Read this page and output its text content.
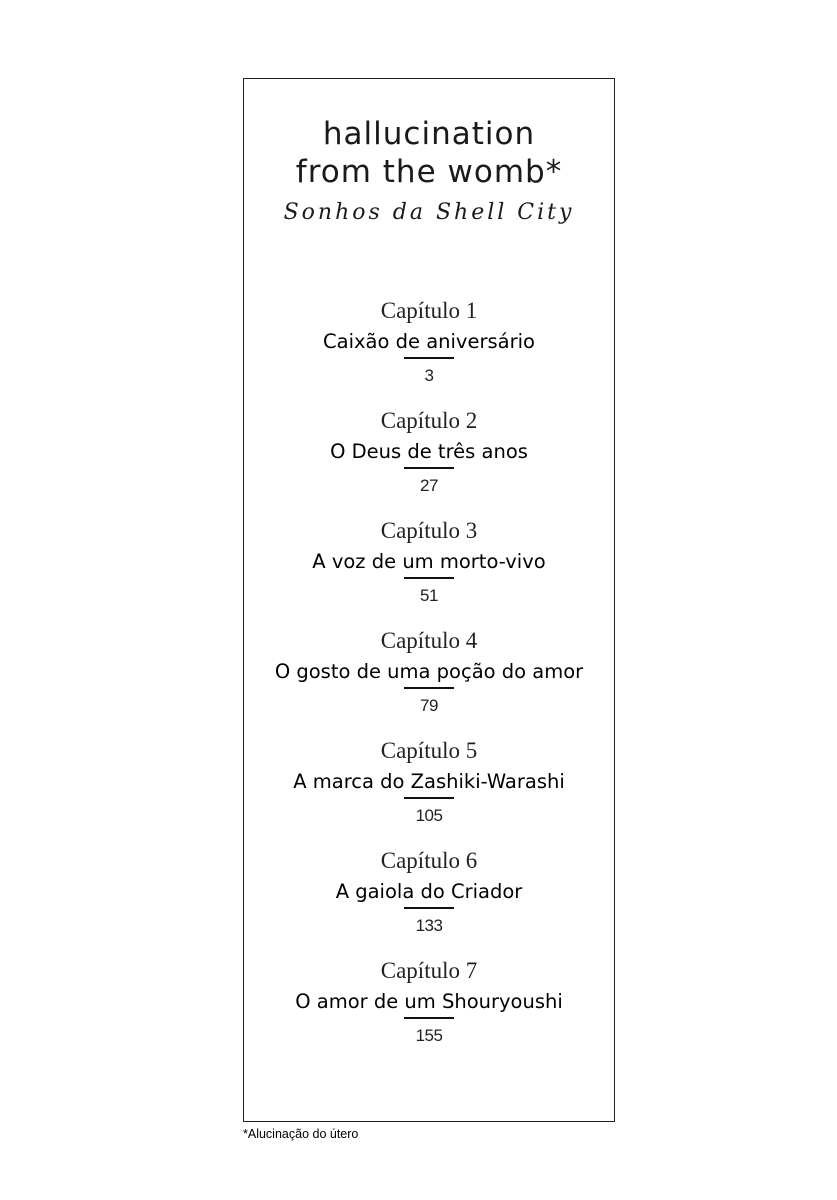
hallucination
from the womb*
Sonhos da Shell City
Capítulo 1
Caixão de aniversário
3
Capítulo 2
O Deus de três anos
27
Capítulo 3
A voz de um morto-vivo
51
Capítulo 4
O gosto de uma poção do amor
79
Capítulo 5
A marca do Zashiki-Warashi
105
Capítulo 6
A gaiola do Criador
133
Capítulo 7
O amor de um Shouryoushi
155
*Alucinação do útero
